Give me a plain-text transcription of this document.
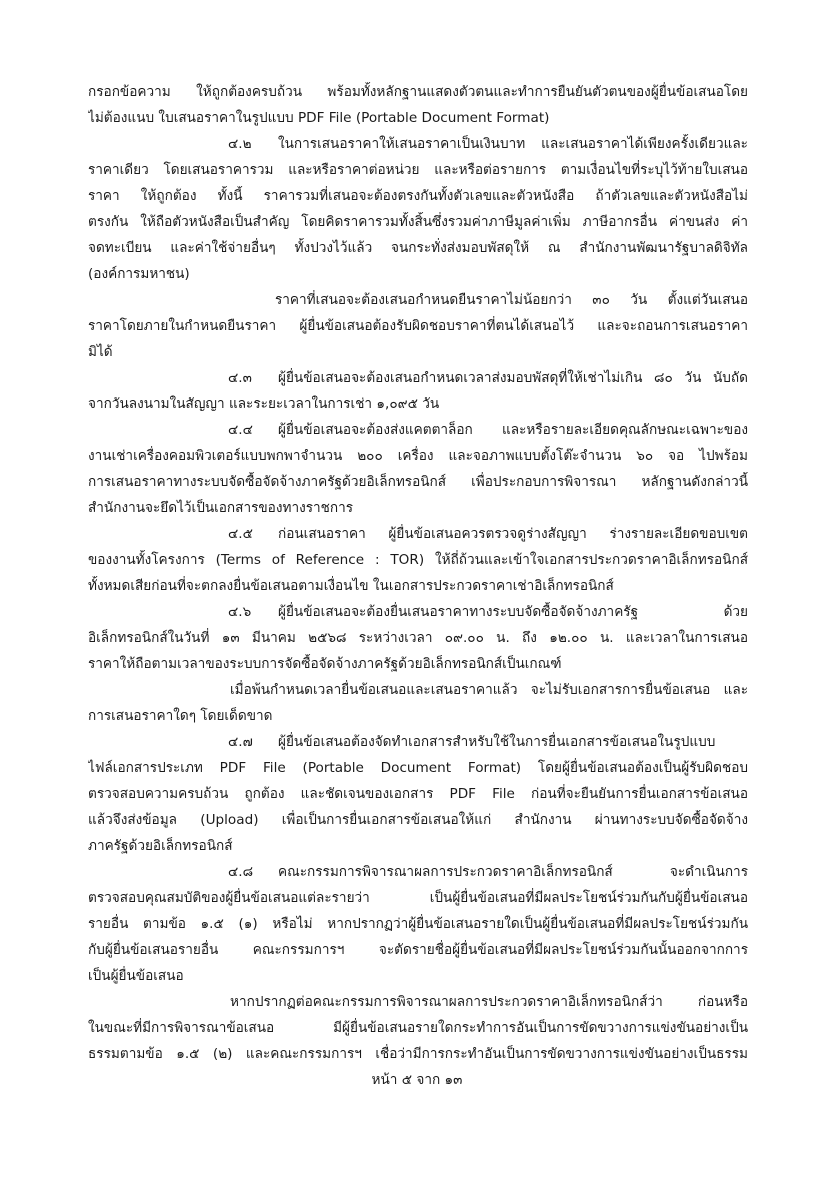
กรอกข้อความ ให้ถูกต้องครบถ้วน พร้อมทั้งหลักฐานแสดงตัวตนและทำการยืนยันตัวตนของผู้ยื่นข้อเสนอโดย
ไม่ต้องแนบ ใบเสนอราคาในรูปแบบ PDF File (Portable Document Format)
๔.๒ ในการเสนอราคาให้เสนอราคาเป็นเงินบาท และเสนอราคาได้เพียงครั้งเดียวและ
ราคาเดียว โดยเสนอราคารวม และหรือราคาต่อหน่วย และหรือต่อรายการ ตามเงื่อนไขที่ระบุไว้ท้ายใบเสนอ
ราคา ให้ถูกต้อง ทั้งนี้ ราคารวมที่เสนอจะต้องตรงกันทั้งตัวเลขและตัวหนังสือ ถ้าตัวเลขและตัวหนังสือไม่
ตรงกัน ให้ถือตัวหนังสือเป็นสำคัญ โดยคิดราคารวมทั้งสิ้นซึ่งรวมค่าภาษีมูลค่าเพิ่ม ภาษีอากรอื่น ค่าขนส่ง ค่า
จดทะเบียน และค่าใช้จ่ายอื่นๆ ทั้งปวงไว้แล้ว จนกระทั่งส่งมอบพัสดุให้ ณ สำนักงานพัฒนารัฐบาลดิจิทัล
(องค์การมหาชน)
ราคาที่เสนอจะต้องเสนอกำหนดยืนราคาไม่น้อยกว่า ๓๐ วัน ตั้งแต่วันเสนอ
ราคาโดยภายในกำหนดยืนราคา ผู้ยื่นข้อเสนอต้องรับผิดชอบราคาที่ตนได้เสนอไว้ และจะถอนการเสนอราคา
มิได้
๔.๓ ผู้ยื่นข้อเสนอจะต้องเสนอกำหนดเวลาส่งมอบพัสดุที่ให้เช่าไม่เกิน ๘๐ วัน นับถัด
จากวันลงนามในสัญญา และระยะเวลาในการเช่า ๑,๐๙๕ วัน
๔.๔ ผู้ยื่นข้อเสนอจะต้องส่งแคตตาล็อก และหรือรายละเอียดคุณลักษณะเฉพาะของ
งานเช่าเครื่องคอมพิวเตอร์แบบพกพาจำนวน ๒๐๐ เครื่อง และจอภาพแบบตั้งโต๊ะจำนวน ๖๐ จอ ไปพร้อม
การเสนอราคาทางระบบจัดซื้อจัดจ้างภาครัฐด้วยอิเล็กทรอนิกส์ เพื่อประกอบการพิจารณา หลักฐานดังกล่าวนี้
สำนักงานจะยึดไว้เป็นเอกสารของทางราชการ
๔.๕ ก่อนเสนอราคา ผู้ยื่นข้อเสนอควรตรวจดูร่างสัญญา ร่างรายละเอียดขอบเขต
ของงานทั้งโครงการ (Terms of Reference : TOR) ให้ถี่ถ้วนและเข้าใจเอกสารประกวดราคาอิเล็กทรอนิกส์
ทั้งหมดเสียก่อนที่จะตกลงยื่นข้อเสนอตามเงื่อนไข ในเอกสารประกวดราคาเช่าอิเล็กทรอนิกส์
๔.๖ ผู้ยื่นข้อเสนอจะต้องยื่นเสนอราคาทางระบบจัดซื้อจัดจ้างภาครัฐ ด้วย
อิเล็กทรอนิกส์ในวันที่ ๑๓ มีนาคม ๒๕๖๘ ระหว่างเวลา ๐๙.๐๐ น. ถึง ๑๒.๐๐ น. และเวลาในการเสนอ
ราคาให้ถือตามเวลาของระบบการจัดซื้อจัดจ้างภาครัฐด้วยอิเล็กทรอนิกส์เป็นเกณฑ์
เมื่อพ้นกำหนดเวลายื่นข้อเสนอและเสนอราคาแล้ว จะไม่รับเอกสารการยื่นข้อเสนอ และ
การเสนอราคาใดๆ โดยเด็ดขาด
๔.๗ ผู้ยื่นข้อเสนอต้องจัดทำเอกสารสำหรับใช้ในการยื่นเอกสารข้อเสนอในรูปแบบ
ไฟล์เอกสารประเภท PDF File (Portable Document Format) โดยผู้ยื่นข้อเสนอต้องเป็นผู้รับผิดชอบ
ตรวจสอบความครบถ้วน ถูกต้อง และชัดเจนของเอกสาร PDF File ก่อนที่จะยืนยันการยื่นเอกสารข้อเสนอ
แล้วจึงส่งข้อมูล (Upload) เพื่อเป็นการยื่นเอกสารข้อเสนอให้แก่ สำนักงาน ผ่านทางระบบจัดซื้อจัดจ้าง
ภาครัฐด้วยอิเล็กทรอนิกส์
๔.๘ คณะกรรมการพิจารณาผลการประกวดราคาอิเล็กทรอนิกส์ จะดำเนินการ
ตรวจสอบคุณสมบัติของผู้ยื่นข้อเสนอแต่ละรายว่า เป็นผู้ยื่นข้อเสนอที่มีผลประโยชน์ร่วมกันกับผู้ยื่นข้อเสนอ
รายอื่น ตามข้อ ๑.๕ (๑) หรือไม่ หากปรากฏว่าผู้ยื่นข้อเสนอรายใดเป็นผู้ยื่นข้อเสนอที่มีผลประโยชน์ร่วมกัน
กับผู้ยื่นข้อเสนอรายอื่น คณะกรรมการฯ จะตัดรายชื่อผู้ยื่นข้อเสนอที่มีผลประโยชน์ร่วมกันนั้นออกจากการ
เป็นผู้ยื่นข้อเสนอ
หากปรากฏต่อคณะกรรมการพิจารณาผลการประกวดราคาอิเล็กทรอนิกส์ว่า ก่อนหรือ
ในขณะที่มีการพิจารณาข้อเสนอ มีผู้ยื่นข้อเสนอรายใดกระทำการอันเป็นการขัดขวางการแข่งขันอย่างเป็น
ธรรมตามข้อ ๑.๕ (๒) และคณะกรรมการฯ เชื่อว่ามีการกระทำอันเป็นการขัดขวางการแข่งขันอย่างเป็นธรรม
หน้า ๕ จาก ๑๓
